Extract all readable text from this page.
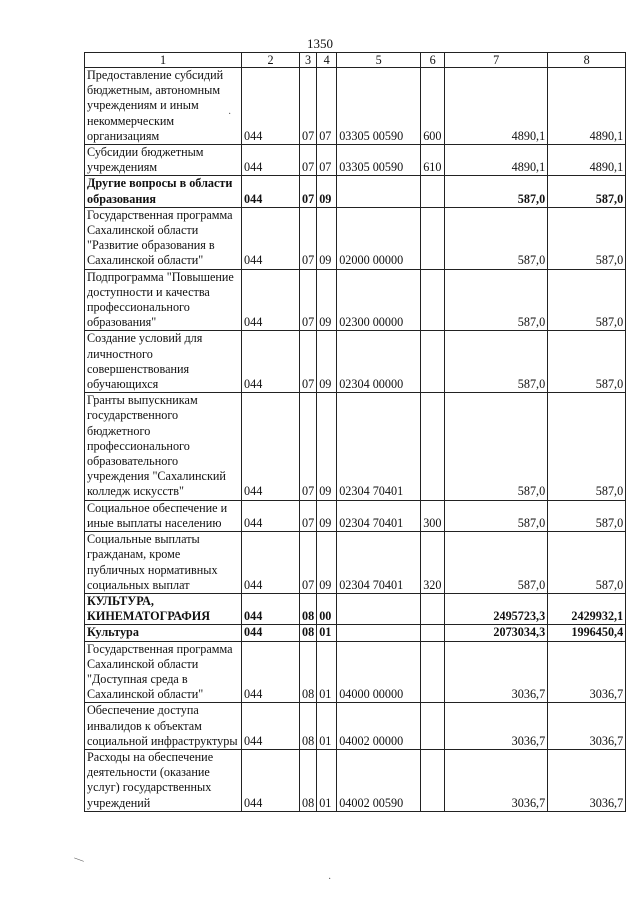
1350
1	2	3	4	5	6	7	8
Предоставление субсидий бюджетным, автономным учреждениям и иным некоммерческим организациям	044	07	07	03305 00590	600	4890,1	4890,1
Субсидии бюджетным учреждениям	044	07	07	03305 00590	610	4890,1	4890,1
Другие вопросы в области образования	044	07	09			587,0	587,0
Государственная программа Сахалинской области "Развитие образования в Сахалинской области"	044	07	09	02000 00000		587,0	587,0
Подпрограмма "Повышение доступности и качества профессионального образования"	044	07	09	02300 00000		587,0	587,0
Создание условий для личностного совершенствования обучающихся	044	07	09	02304 00000		587,0	587,0
Гранты выпускникам государственного бюджетного профессионального образовательного учреждения "Сахалинский колледж искусств"	044	07	09	02304 70401		587,0	587,0
Социальное обеспечение и иные выплаты населению	044	07	09	02304 70401	300	587,0	587,0
Социальные выплаты гражданам, кроме публичных нормативных социальных выплат	044	07	09	02304 70401	320	587,0	587,0
КУЛЬТУРА, КИНЕМАТОГРАФИЯ	044	08	00			2495723,3	2429932,1
Культура	044	08	01			2073034,3	1996450,4
Государственная программа Сахалинской области "Доступная среда в Сахалинской области"	044	08	01	04000 00000		3036,7	3036,7
Обеспечение доступа инвалидов к объектам социальной инфраструктуры	044	08	01	04002 00000		3036,7	3036,7
Расходы на обеспечение деятельности (оказание услуг) государственных учреждений	044	08	01	04002 00590		3036,7	3036,7
·
—
·
